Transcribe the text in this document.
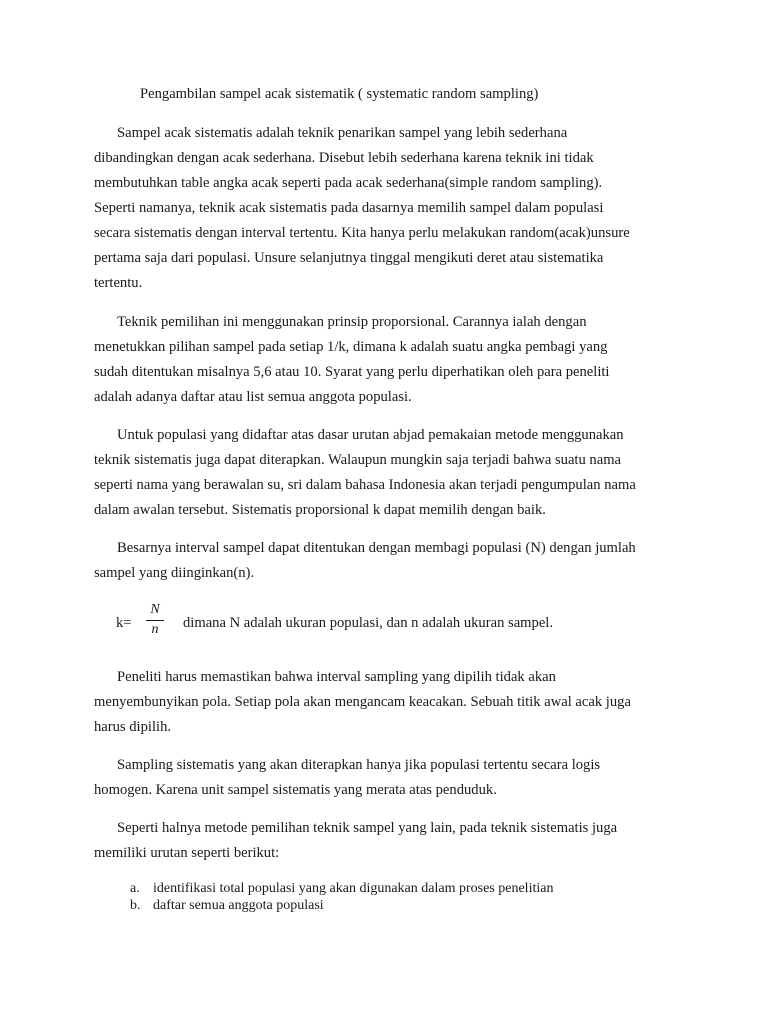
Pengambilan sampel acak sistematik ( systematic random sampling)

Sampel acak sistematis adalah teknik penarikan sampel yang lebih sederhana
dibandingkan dengan acak sederhana. Disebut lebih sederhana karena teknik ini tidak
membutuhkan table angka acak seperti pada acak sederhana(simple random sampling).
Seperti namanya, teknik acak sistematis pada dasarnya memilih sampel dalam populasi
secara sistematis dengan interval tertentu. Kita hanya perlu melakukan random(acak)unsure
pertama saja dari populasi. Unsure selanjutnya tinggal mengikuti deret atau sistematika
tertentu.

Teknik pemilihan ini menggunakan prinsip proporsional. Carannya ialah dengan
menetukkan pilihan sampel pada setiap 1/k, dimana k adalah suatu angka pembagi yang
sudah ditentukan misalnya 5,6 atau 10. Syarat yang perlu diperhatikan oleh para peneliti
adalah adanya daftar atau list semua anggota populasi.

Untuk populasi yang didaftar atas dasar urutan abjad pemakaian metode menggunakan
teknik sistematis juga dapat diterapkan. Walaupun mungkin saja terjadi bahwa suatu nama
seperti nama yang berawalan su, sri dalam bahasa Indonesia akan terjadi pengumpulan nama
dalam awalan tersebut. Sistematis proporsional k dapat memilih dengan baik.

Besarnya interval sampel dapat ditentukan dengan membagi populasi (N) dengan jumlah
sampel yang diinginkan(n).

k=
N
n	dimana N adalah ukuran populasi, dan n adalah ukuran sampel.

Peneliti harus memastikan bahwa interval sampling yang dipilih tidak akan
menyembunyikan pola. Setiap pola akan mengancam keacakan. Sebuah titik awal acak juga
harus dipilih.

Sampling sistematis yang akan diterapkan hanya jika populasi tertentu secara logis
homogen. Karena unit sampel sistematis yang merata atas penduduk.

Seperti halnya metode pemilihan teknik sampel yang lain, pada teknik sistematis juga
memiliki urutan seperti berikut:

a. identifikasi total populasi yang akan digunakan dalam proses penelitian
b. daftar semua anggota populasi
